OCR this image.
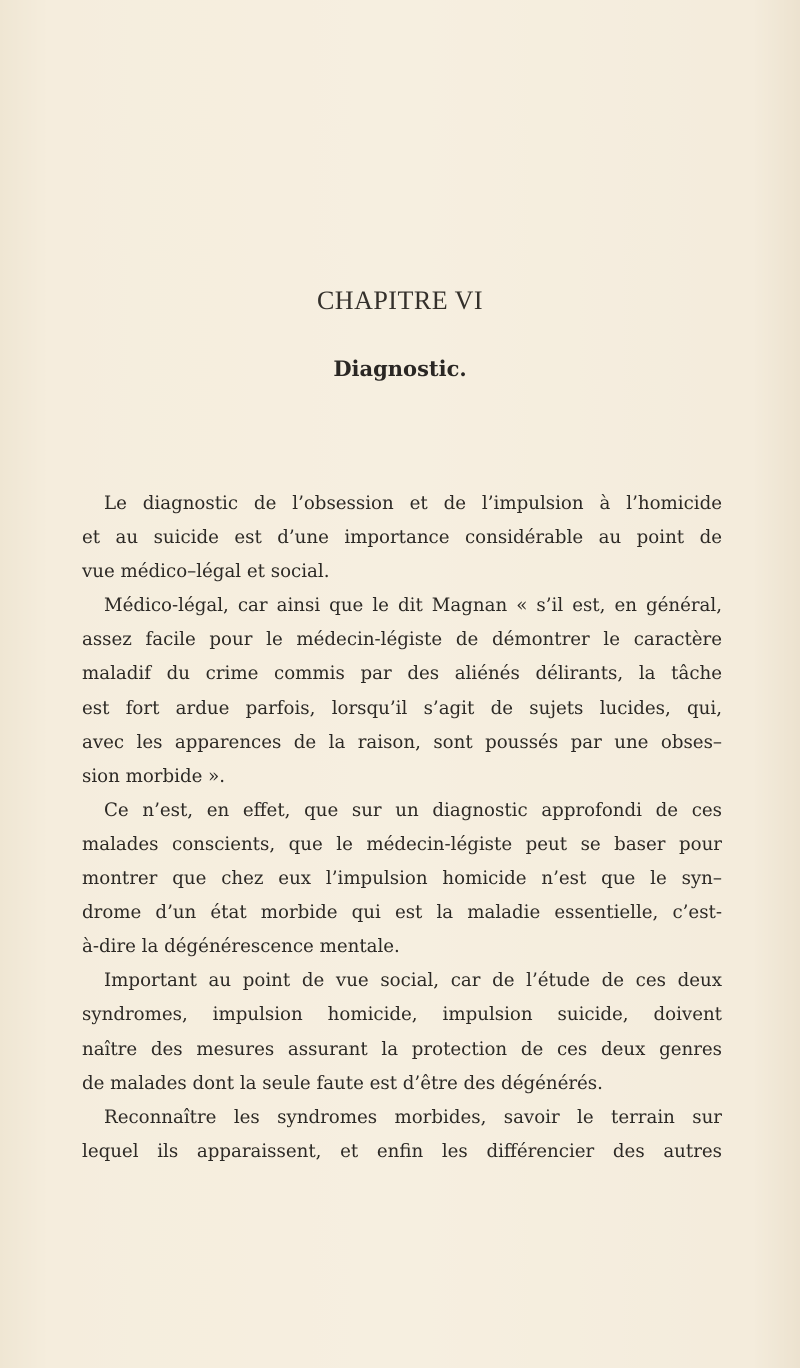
CHAPITRE VI
Diagnostic.
Le diagnostic de l’obsession et de l’impulsion à l’homicide
et au suicide est d’une importance considérable au point de
vue médico–légal et social.
Médico-légal, car ainsi que le dit Magnan « s’il est, en général,
assez facile pour le médecin-légiste de démontrer le caractère
maladif du crime commis par des aliénés délirants, la tâche
est fort ardue parfois, lorsqu’il s’agit de sujets lucides, qui,
avec les apparences de la raison, sont poussés par une obses–
sion morbide ».
Ce n’est, en effet, que sur un diagnostic approfondi de ces
malades conscients, que le médecin-légiste peut se baser pour
montrer que chez eux l’impulsion homicide n’est que le syn–
drome d’un état morbide qui est la maladie essentielle, c’est-
à-dire la dégénérescence mentale.
Important au point de vue social, car de l’étude de ces deux
syndromes, impulsion homicide, impulsion suicide, doivent
naître des mesures assurant la protection de ces deux genres
de malades dont la seule faute est d’être des dégénérés.
Reconnaître les syndromes morbides, savoir le terrain sur
lequel ils apparaissent, et enfin les différencier des autres
